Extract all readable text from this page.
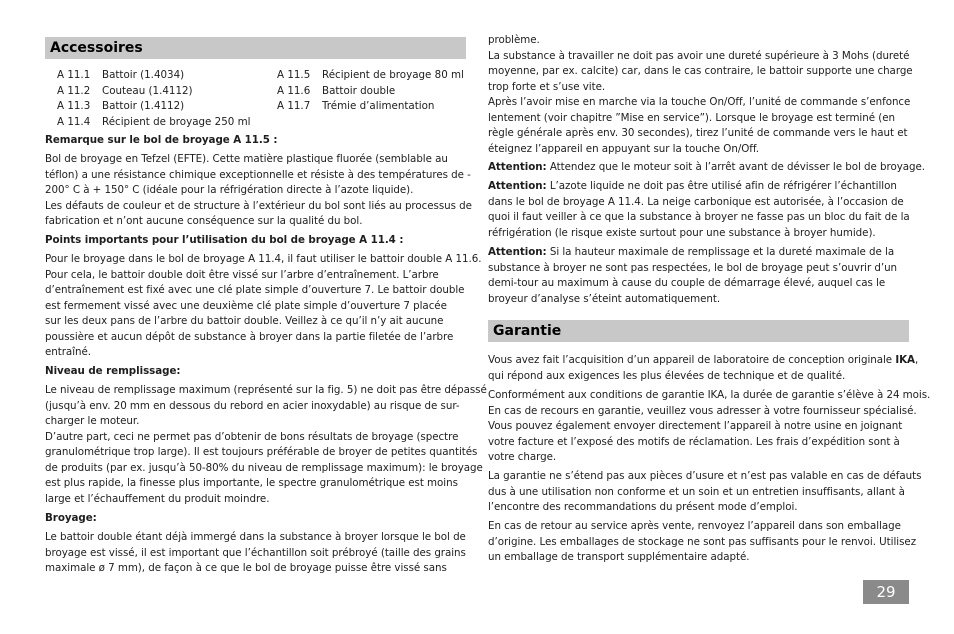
Accessoires
A 11.1 Battoir (1.4034)
A 11.2 Couteau (1.4112)
A 11.3 Battoir (1.4112)
A 11.4 Récipient de broyage 250 ml
A 11.5 Récipient de broyage 80 ml
A 11.6 Battoir double
A 11.7 Trémie d’alimentation
Remarque sur le bol de broyage A 11.5 :
Bol de broyage en Tefzel (EFTE). Cette matière plastique fluorée (semblable au
téflon) a une résistance chimique exceptionnelle et résiste à des températures de -
200° C à + 150° C (idéale pour la réfrigération directe à l’azote liquide).
Les défauts de couleur et de structure à l’extérieur du bol sont liés au processus de
fabrication et n’ont aucune conséquence sur la qualité du bol.
Points importants pour l’utilisation du bol de broyage A 11.4 :
Pour le broyage dans le bol de broyage A 11.4, il faut utiliser le battoir double A 11.6.
Pour cela, le battoir double doit être vissé sur l’arbre d’entraînement. L’arbre
d’entraînement est fixé avec une clé plate simple d’ouverture 7. Le battoir double
est fermement vissé avec une deuxième clé plate simple d’ouverture 7 placée
sur les deux pans de l’arbre du battoir double. Veillez à ce qu’il n’y ait aucune
poussière et aucun dépôt de substance à broyer dans la partie filetée de l’arbre
entraîné.
Niveau de remplissage:
Le niveau de remplissage maximum (représenté sur la fig. 5) ne doit pas être dépassé
(jusqu’à env. 20 mm en dessous du rebord en acier inoxydable) au risque de sur-
charger le moteur.
D’autre part, ceci ne permet pas d’obtenir de bons résultats de broyage (spectre
granulométrique trop large). Il est toujours préférable de broyer de petites quantités
de produits (par ex. jusqu’à 50-80% du niveau de remplissage maximum): le broyage
est plus rapide, la finesse plus importante, le spectre granulométrique est moins
large et l’échauffement du produit moindre.
Broyage:
Le battoir double étant déjà immergé dans la substance à broyer lorsque le bol de
broyage est vissé, il est important que l’échantillon soit prébroyé (taille des grains
maximale ø 7 mm), de façon à ce que le bol de broyage puisse être vissé sans
problème.
La substance à travailler ne doit pas avoir une dureté supérieure à 3 Mohs (dureté
moyenne, par ex. calcite) car, dans le cas contraire, le battoir supporte une charge
trop forte et s’use vite.
Après l’avoir mise en marche via la touche On/Off, l’unité de commande s’enfonce
lentement (voir chapitre ”Mise en service”). Lorsque le broyage est terminé (en
règle générale après env. 30 secondes), tirez l’unité de commande vers le haut et
éteignez l’appareil en appuyant sur la touche On/Off.
Attention: Attendez que le moteur soit à l’arrêt avant de dévisser le bol de broyage.
Attention: L’azote liquide ne doit pas être utilisé afin de réfrigérer l’échantillon
dans le bol de broyage A 11.4. La neige carbonique est autorisée, à l’occasion de
quoi il faut veiller à ce que la substance à broyer ne fasse pas un bloc du fait de la
réfrigération (le risque existe surtout pour une substance à broyer humide).
Attention: Si la hauteur maximale de remplissage et la dureté maximale de la
substance à broyer ne sont pas respectées, le bol de broyage peut s’ouvrir d’un
demi-tour au maximum à cause du couple de démarrage élevé, auquel cas le
broyeur d’analyse s’éteint automatiquement.
Garantie
Vous avez fait l’acquisition d’un appareil de laboratoire de conception originale IKA,
qui répond aux exigences les plus élevées de technique et de qualité.
Conformément aux conditions de garantie IKA, la durée de garantie s’élève à 24 mois.
En cas de recours en garantie, veuillez vous adresser à votre fournisseur spécialisé.
Vous pouvez également envoyer directement l’appareil à notre usine en joignant
votre facture et l’exposé des motifs de réclamation. Les frais d’expédition sont à
votre charge.
La garantie ne s’étend pas aux pièces d’usure et n’est pas valable en cas de défauts
dus à une utilisation non conforme et un soin et un entretien insuffisants, allant à
l’encontre des recommandations du présent mode d’emploi.
En cas de retour au service après vente, renvoyez l’appareil dans son emballage
d’origine. Les emballages de stockage ne sont pas suffisants pour le renvoi. Utilisez
un emballage de transport supplémentaire adapté.
29
